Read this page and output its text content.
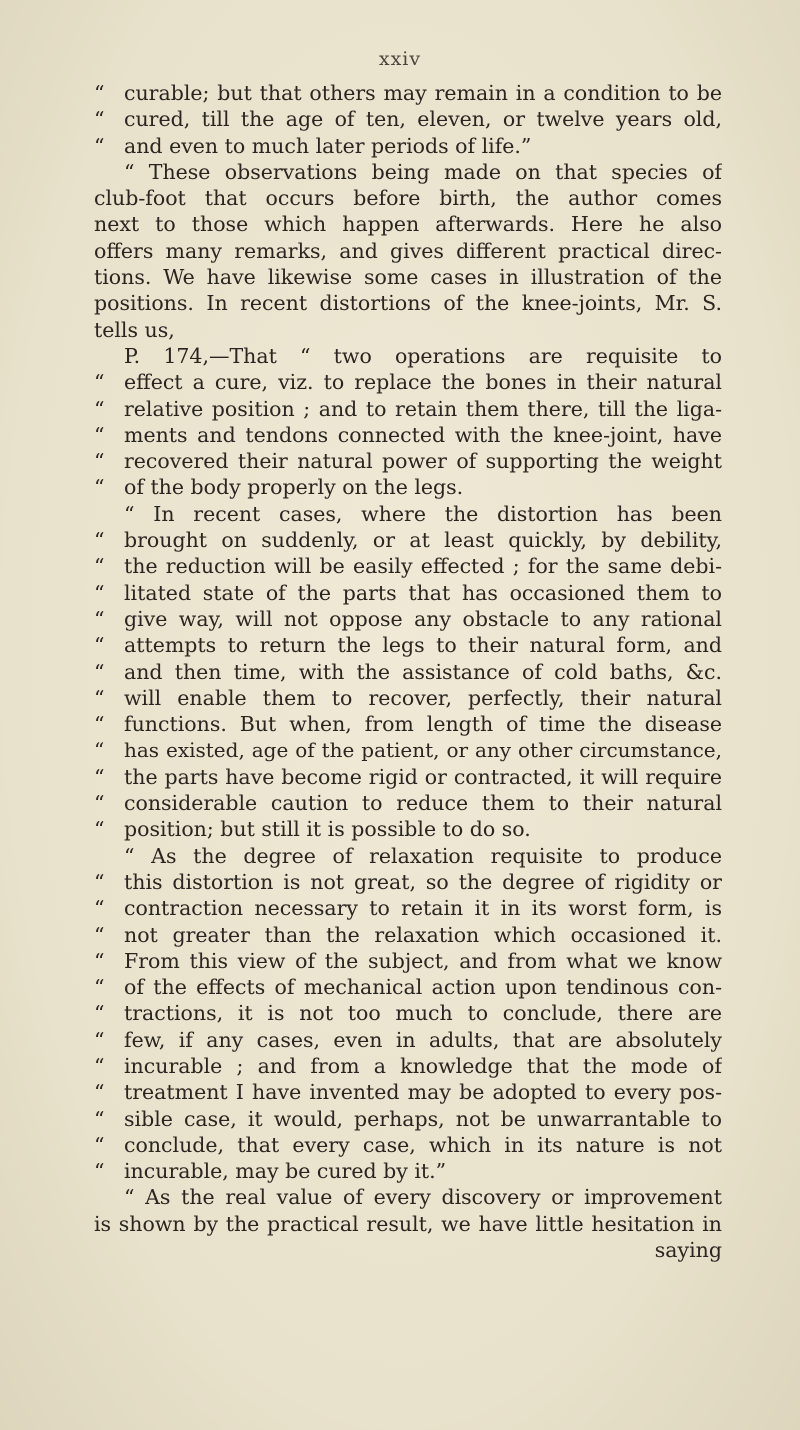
xxiv
“ curable; but that others may remain in a condition to be
“ cured, till the age of ten, eleven, or twelve years old,
“ and even to much later periods of life.”
“ These observations being made on that species of
club-foot that occurs before birth, the author comes
next to those which happen afterwards. Here he also
offers many remarks, and gives different practical direc-
tions. We have likewise some cases in illustration of the
positions. In recent distortions of the knee-joints, Mr. S.
tells us,
P. 174,—That “ two operations are requisite to
“ effect a cure, viz. to replace the bones in their natural
“ relative position ; and to retain them there, till the liga-
“ ments and tendons connected with the knee-joint, have
“ recovered their natural power of supporting the weight
“ of the body properly on the legs.
“ In recent cases, where the distortion has been
“ brought on suddenly, or at least quickly, by debility,
“ the reduction will be easily effected ; for the same debi-
“ litated state of the parts that has occasioned them to
“ give way, will not oppose any obstacle to any rational
“ attempts to return the legs to their natural form, and
“ and then time, with the assistance of cold baths, &c.
“ will enable them to recover, perfectly, their natural
“ functions. But when, from length of time the disease
“ has existed, age of the patient, or any other circumstance,
“ the parts have become rigid or contracted, it will require
“ considerable caution to reduce them to their natural
“ position; but still it is possible to do so.
“ As the degree of relaxation requisite to produce
“ this distortion is not great, so the degree of rigidity or
“ contraction necessary to retain it in its worst form, is
“ not greater than the relaxation which occasioned it.
“ From this view of the subject, and from what we know
“ of the effects of mechanical action upon tendinous con-
“ tractions, it is not too much to conclude, there are
“ few, if any cases, even in adults, that are absolutely
“ incurable ; and from a knowledge that the mode of
“ treatment I have invented may be adopted to every pos-
“ sible case, it would, perhaps, not be unwarrantable to
“ conclude, that every case, which in its nature is not
“ incurable, may be cured by it.”
“ As the real value of every discovery or improvement
is shown by the practical result, we have little hesitation in
saying
